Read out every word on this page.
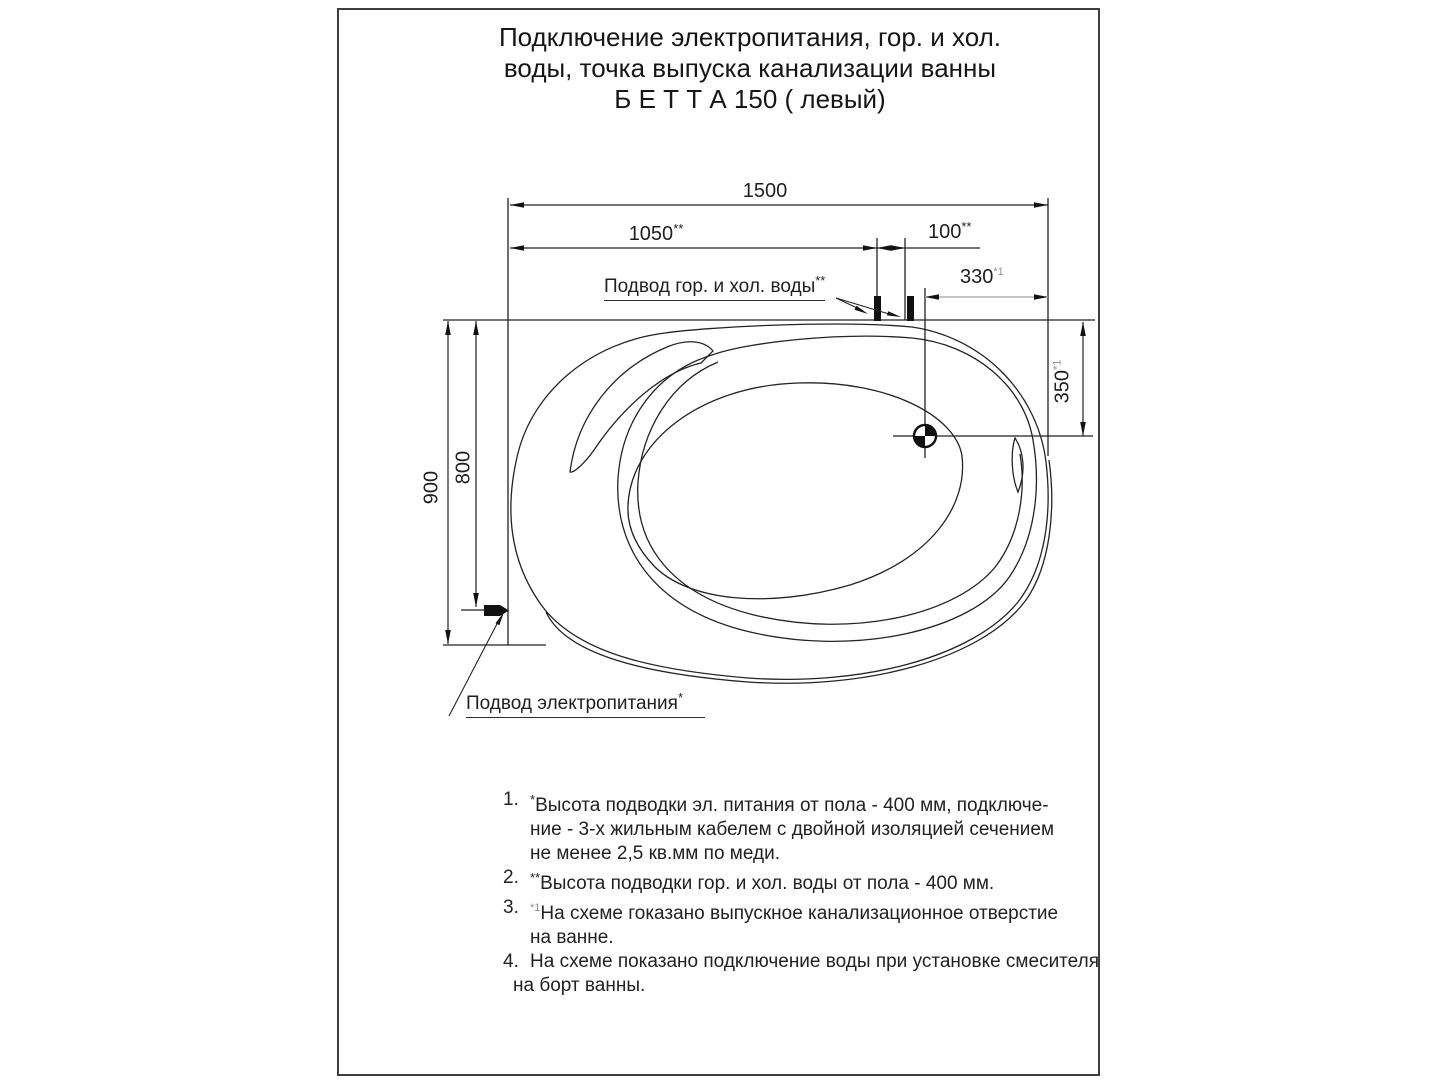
Подключение электропитания, гор. и хол.
воды, точка выпуска канализации ванны
Б Е Т Т А 150 ( левый)
1500
1050**	100**
330$^{*1}$
350$^{*1}$
900
800
Подвод гор. и хол. воды**
Подвод электропитания*
1. *Высота подводки эл. питания от пола - 400 мм, подключе-
ние - 3-х жильным кабелем с двойной изоляцией сечением
не менее 2,5 кв.мм по меди.
2. **Высота подводки гор. и хол. воды от пола - 400 мм.
3.	$^{*1}$На схеме гоказано выпускное канализационное отверстие
на ванне.
4. На схеме показано подключение воды при установке смесителя
на борт ванны.
